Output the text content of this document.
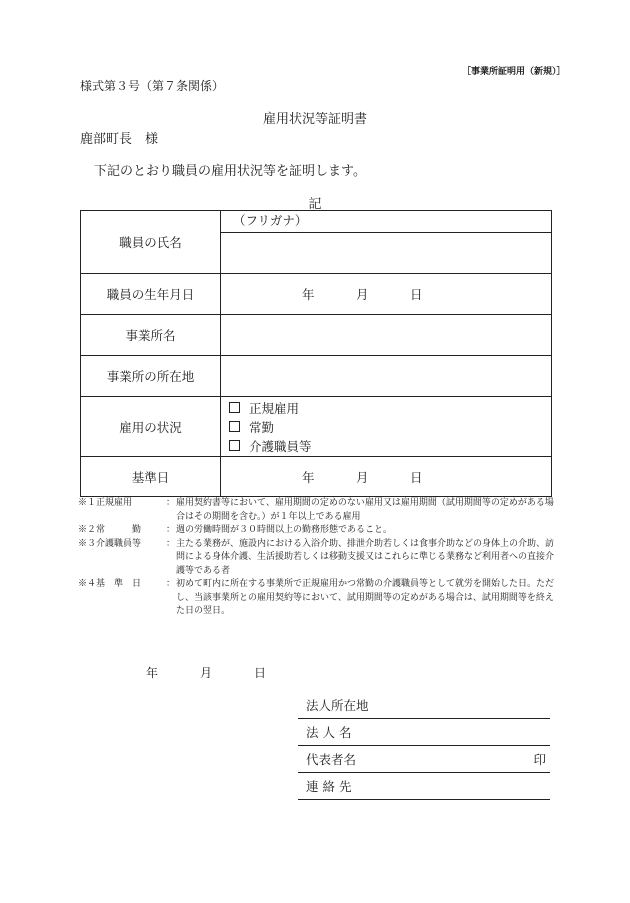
［事業所証明用（新規）］
様式第３号（第７条関係）
雇用状況等証明書
鹿部町長　様
下記のとおり職員の雇用状況等を証明します。
記
職員の氏名	（フリガナ）

職員の生年月日	年 月 日

事業所名	
事業所の所在地	
雇用の状況	正規雇用
常勤
介護職員等

基準日	年 月 日
※１正規雇用	： 雇用契約書等において、雇用期間の定めのない雇用又は雇用期間（試用期間等の定めがある場合はその期間を含む。）が１年以上である雇用
※２常　　　勤	： 週の労働時間が３０時間以上の勤務形態であること。
※３介護職員等	： 主たる業務が、施設内における入浴介助、排泄介助若しくは食事介助などの身体上の介助、訪問による身体介護、生活援助若しくは移動支援又はこれらに準じる業務など利用者への直接介護等である者
※４基　準　日	： 初めて町内に所在する事業所で正規雇用かつ常勤の介護職員等として就労を開始した日。ただし、当該事業所との雇用契約等において、試用期間等の定めがある場合は、試用期間等を終えた日の翌日。
年	月	日
法人所在地
法 人 名
代表者名	印
連 絡 先
